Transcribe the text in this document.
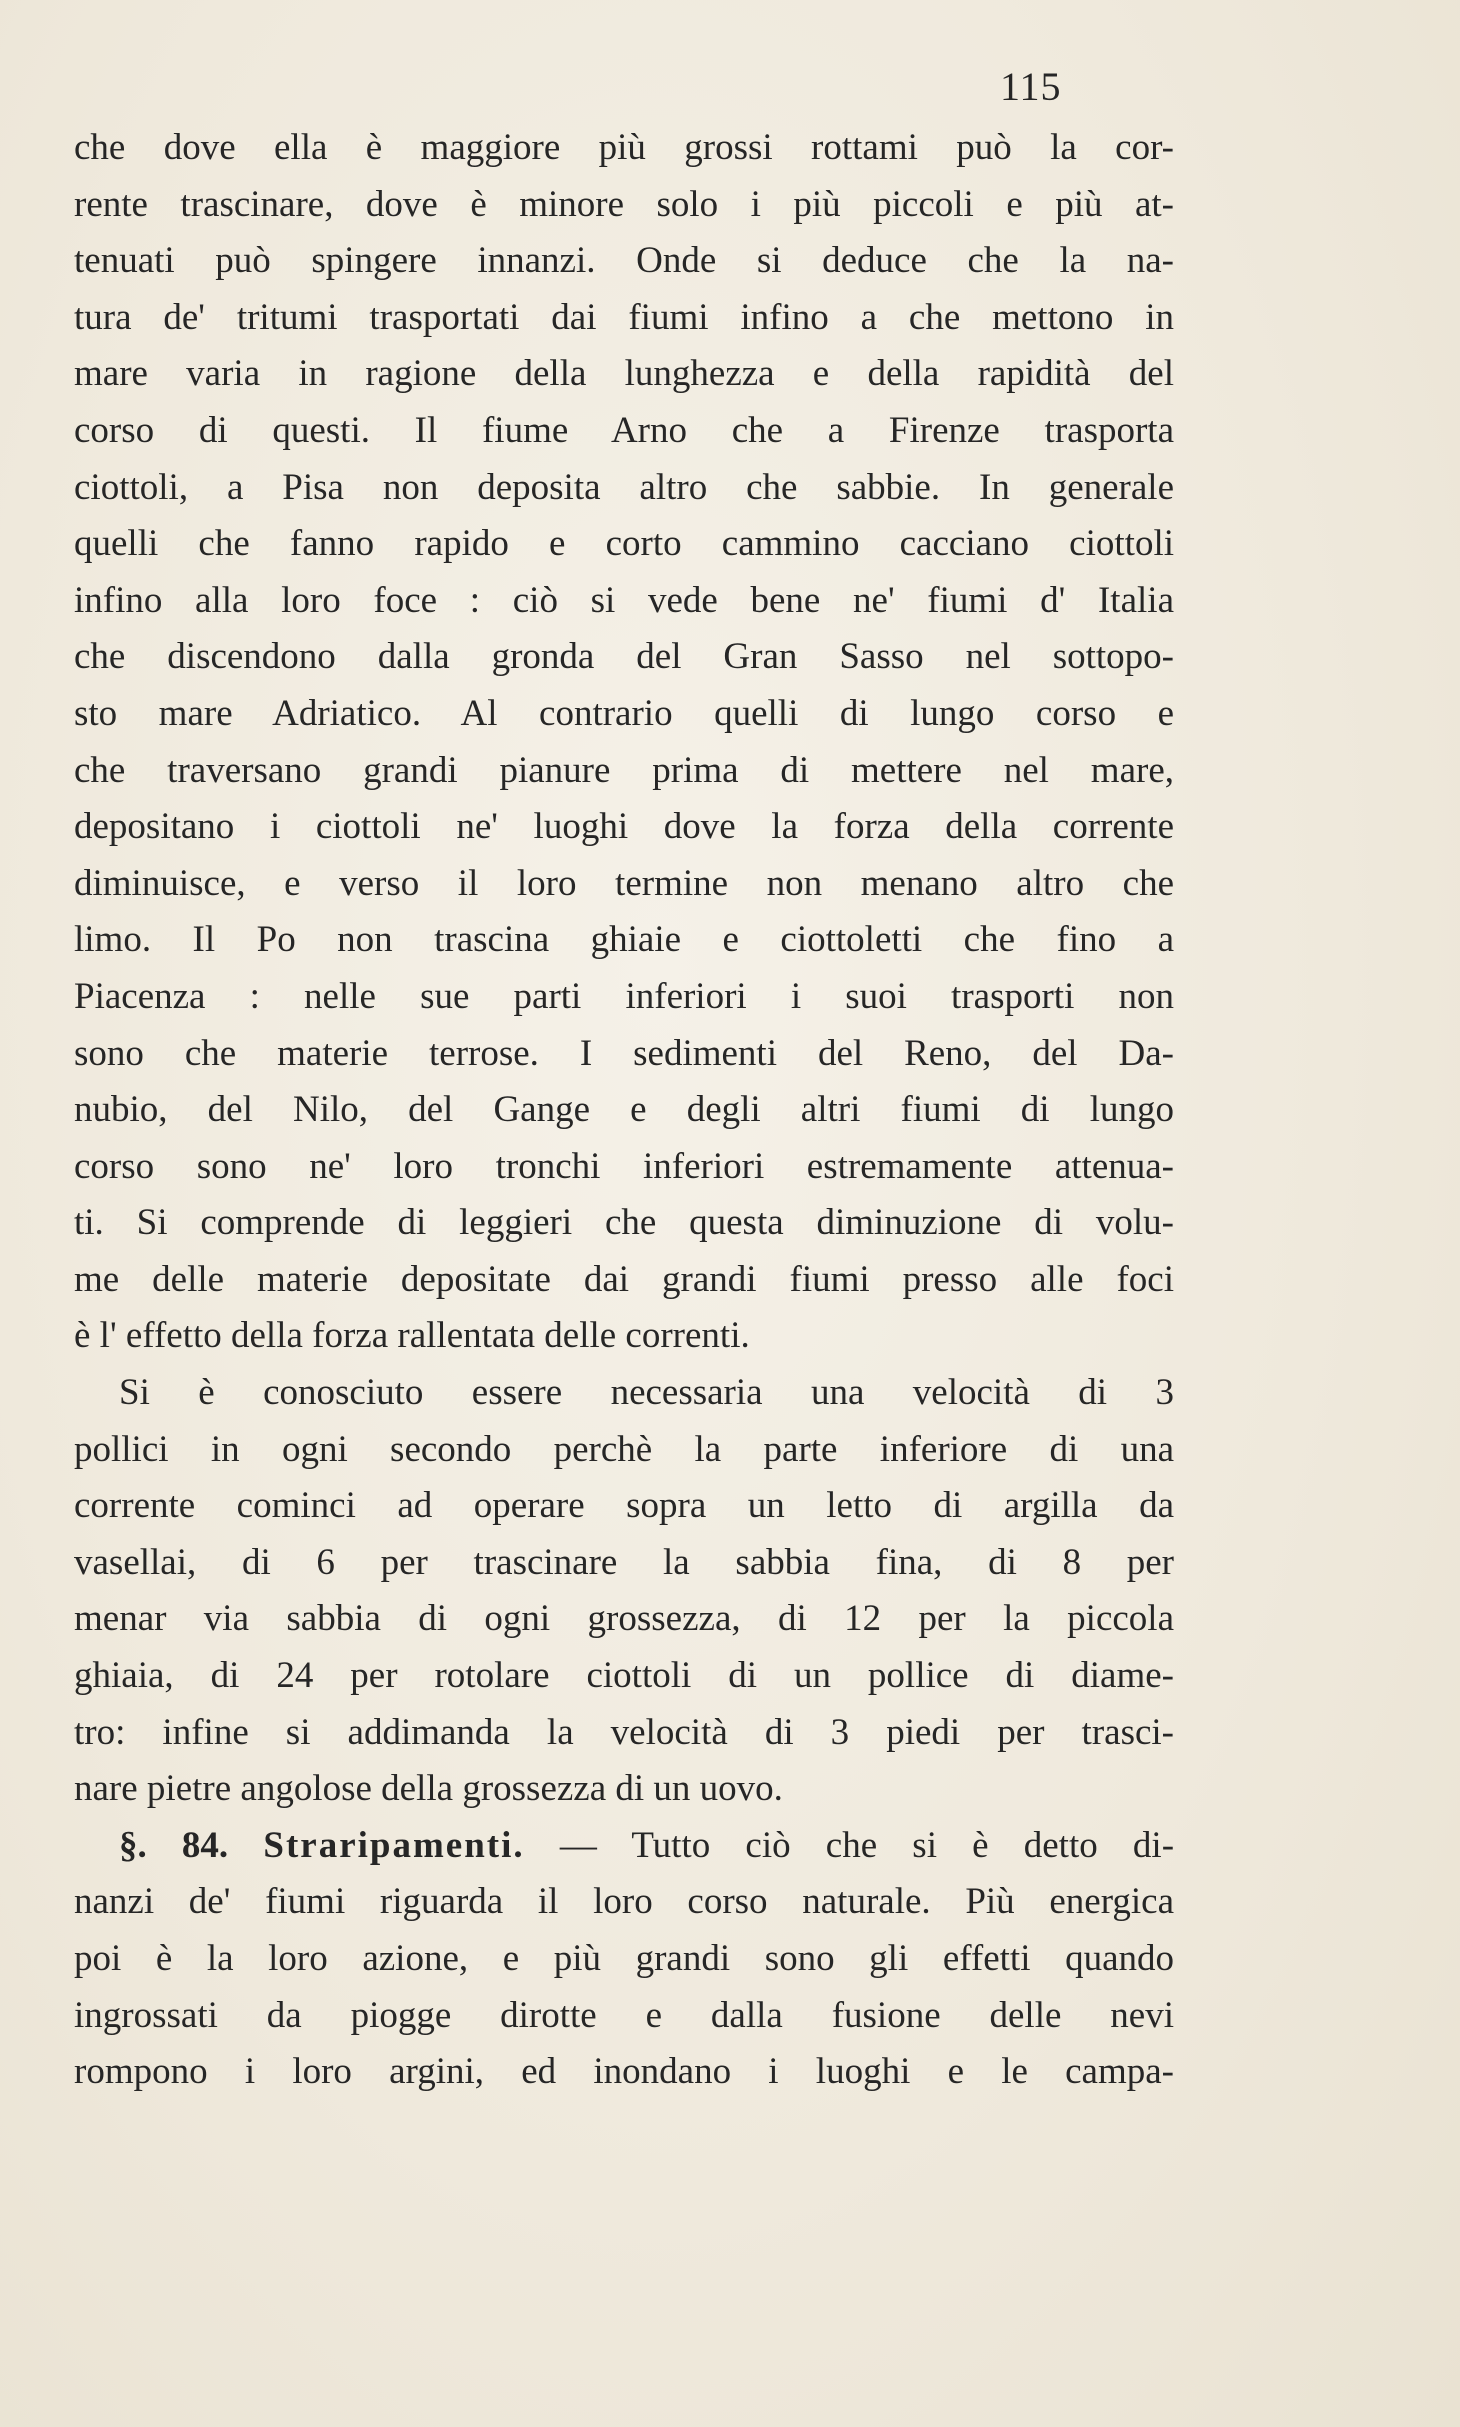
115
che dove ella è maggiore più grossi rottami può la cor-
rente trascinare, dove è minore solo i più piccoli e più at-
tenuati può spingere innanzi. Onde si deduce che la na-
tura de' tritumi trasportati dai fiumi infino a che mettono in
mare varia in ragione della lunghezza e della rapidità del
corso di questi. Il fiume Arno che a Firenze trasporta
ciottoli, a Pisa non deposita altro che sabbie. In generale
quelli che fanno rapido e corto cammino cacciano ciottoli
infino alla loro foce : ciò si vede bene ne' fiumi d' Italia
che discendono dalla gronda del Gran Sasso nel sottopo-
sto mare Adriatico. Al contrario quelli di lungo corso e
che traversano grandi pianure prima di mettere nel mare,
depositano i ciottoli ne' luoghi dove la forza della corrente
diminuisce, e verso il loro termine non menano altro che
limo. Il Po non trascina ghiaie e ciottoletti che fino a
Piacenza : nelle sue parti inferiori i suoi trasporti non
sono che materie terrose. I sedimenti del Reno, del Da-
nubio, del Nilo, del Gange e degli altri fiumi di lungo
corso sono ne' loro tronchi inferiori estremamente attenua-
ti. Si comprende di leggieri che questa diminuzione di volu-
me delle materie depositate dai grandi fiumi presso alle foci
è l' effetto della forza rallentata delle correnti.
Si è conosciuto essere necessaria una velocità di 3
pollici in ogni secondo perchè la parte inferiore di una
corrente cominci ad operare sopra un letto di argilla da
vasellai, di 6 per trascinare la sabbia fina, di 8 per
menar via sabbia di ogni grossezza, di 12 per la piccola
ghiaia, di 24 per rotolare ciottoli di un pollice di diame-
tro: infine si addimanda la velocità di 3 piedi per trasci-
nare pietre angolose della grossezza di un uovo.
§. 84. Straripamenti. — Tutto ciò che si è detto di-
nanzi de' fiumi riguarda il loro corso naturale. Più energica
poi è la loro azione, e più grandi sono gli effetti quando
ingrossati da piogge dirotte e dalla fusione delle nevi
rompono i loro argini, ed inondano i luoghi e le campa-
